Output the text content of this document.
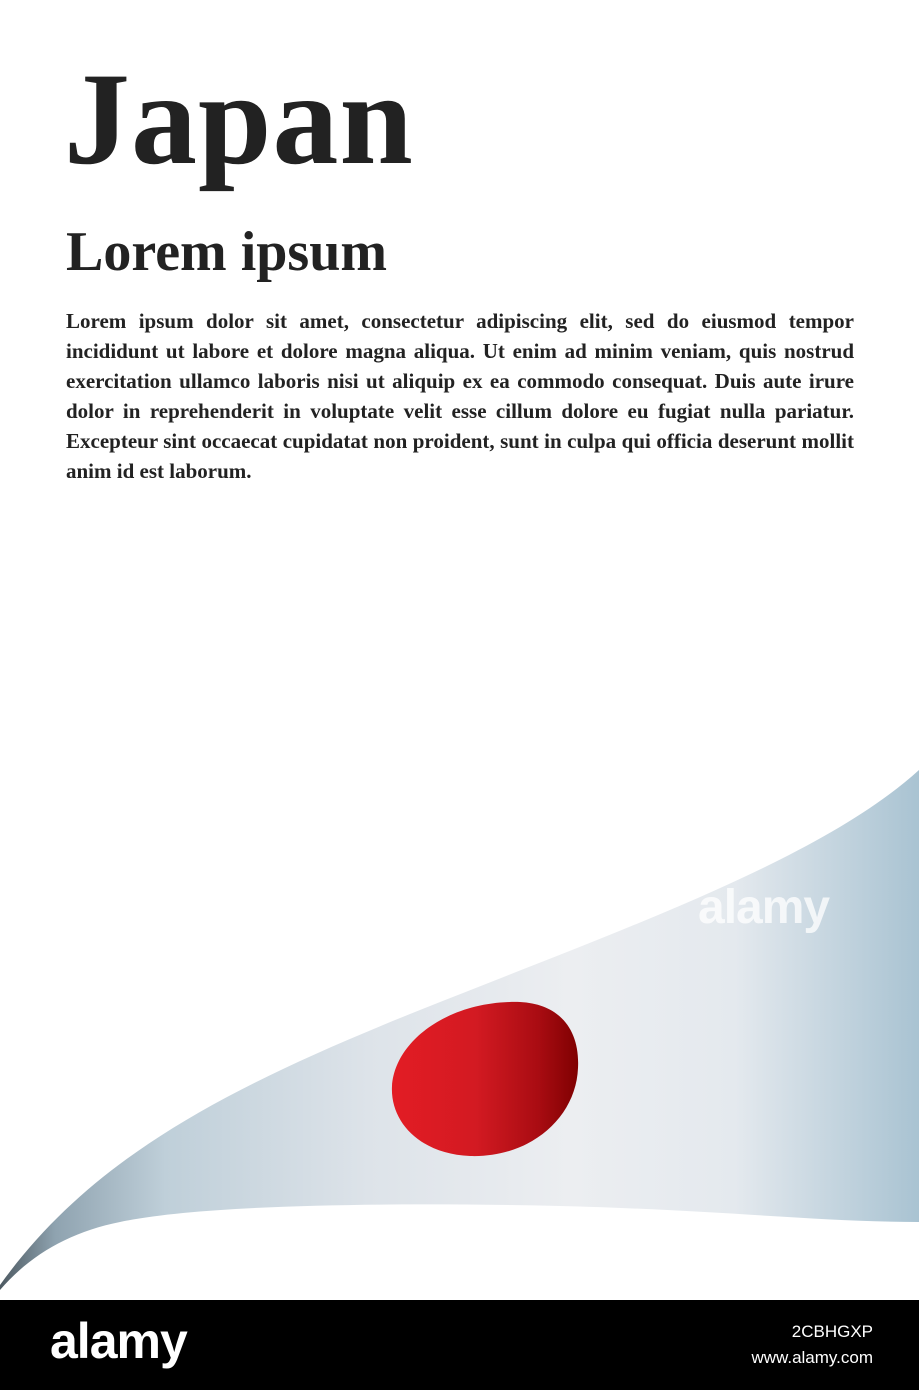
Japan
Lorem ipsum

Lorem ipsum dolor sit amet, consectetur adipiscing elit, sed do eiusmod tempor incididunt ut labore et dolore magna aliqua. Ut enim ad minim veniam, quis nostrud exercitation ullamco laboris nisi ut aliquip ex ea commodo consequat. Duis aute irure dolor in reprehenderit in voluptate velit esse cillum dolore eu fugiat nulla pariatur. Excepteur sint occaecat cupidatat non proident, sunt in culpa qui officia deserunt mollit anim id est laborum.

alamy
alamy	2CBHGXP
www.alamy.com
